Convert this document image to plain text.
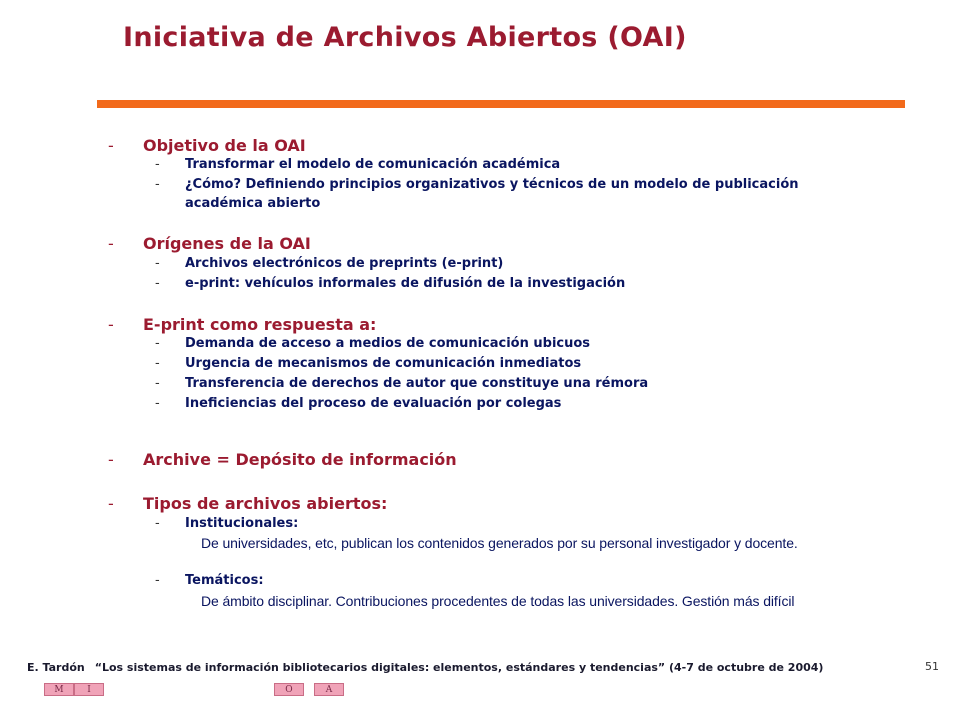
Iniciativa de Archivos Abiertos (OAI)
- Objetivo de la OAI
- Transformar el modelo de comunicación académica
- ¿Cómo? Definiendo principios organizativos y técnicos de un modelo de publicación
académica abierto
- Orígenes de la OAI
- Archivos electrónicos de preprints (e-print)
- e-print: vehículos informales de difusión de la investigación
- E-print como respuesta a:
- Demanda de acceso a medios de comunicación ubicuos
- Urgencia de mecanismos de comunicación inmediatos
- Transferencia de derechos de autor que constituye una rémora
- Ineficiencias del proceso de evaluación por colegas
- Archive = Depósito de información
- Tipos de archivos abiertos:
- Institucionales:
De universidades, etc, publican los contenidos generados por su personal investigador y docente.
- Temáticos:
De ámbito disciplinar. Contribuciones procedentes de todas las universidades. Gestión más difícil
E. Tardón “Los sistemas de información bibliotecarios digitales: elementos, estándares y tendencias” (4-7 de octubre de 2004)	51
M	I	O	A
